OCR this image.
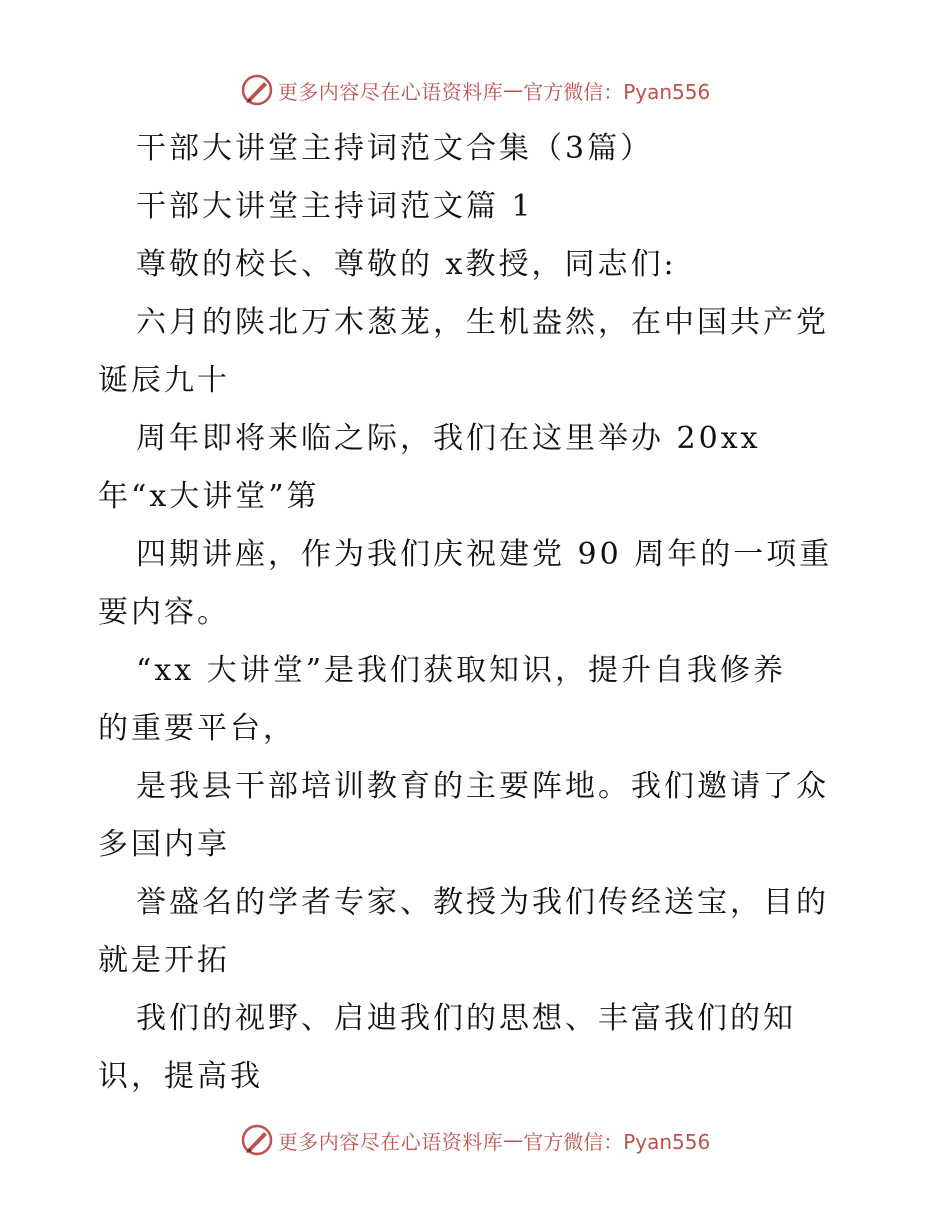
更多内容尽在心语资料库 — 官方微信：Pyan556
干部大讲堂主持词范文合集（3篇）
干部大讲堂主持词范文篇 1
尊敬的校长、尊敬的 x教授，同志们:
六月的陕北万木葱茏，生机盎然，在中国共产党
诞辰九十
周年即将来临之际，我们在这里举办 20xx
年“x大讲堂”第
四期讲座，作为我们庆祝建党 90 周年的一项重
要内容。
“xx 大讲堂”是我们获取知识，提升自我修养
的重要平台，
是我县干部培训教育的主要阵地。我们邀请了众
多国内享
誉盛名的学者专家、教授为我们传经送宝，目的
就是开拓
我们的视野、启迪我们的思想、丰富我们的知
识，提高我
更多内容尽在心语资料库 — 官方微信：Pyan556
